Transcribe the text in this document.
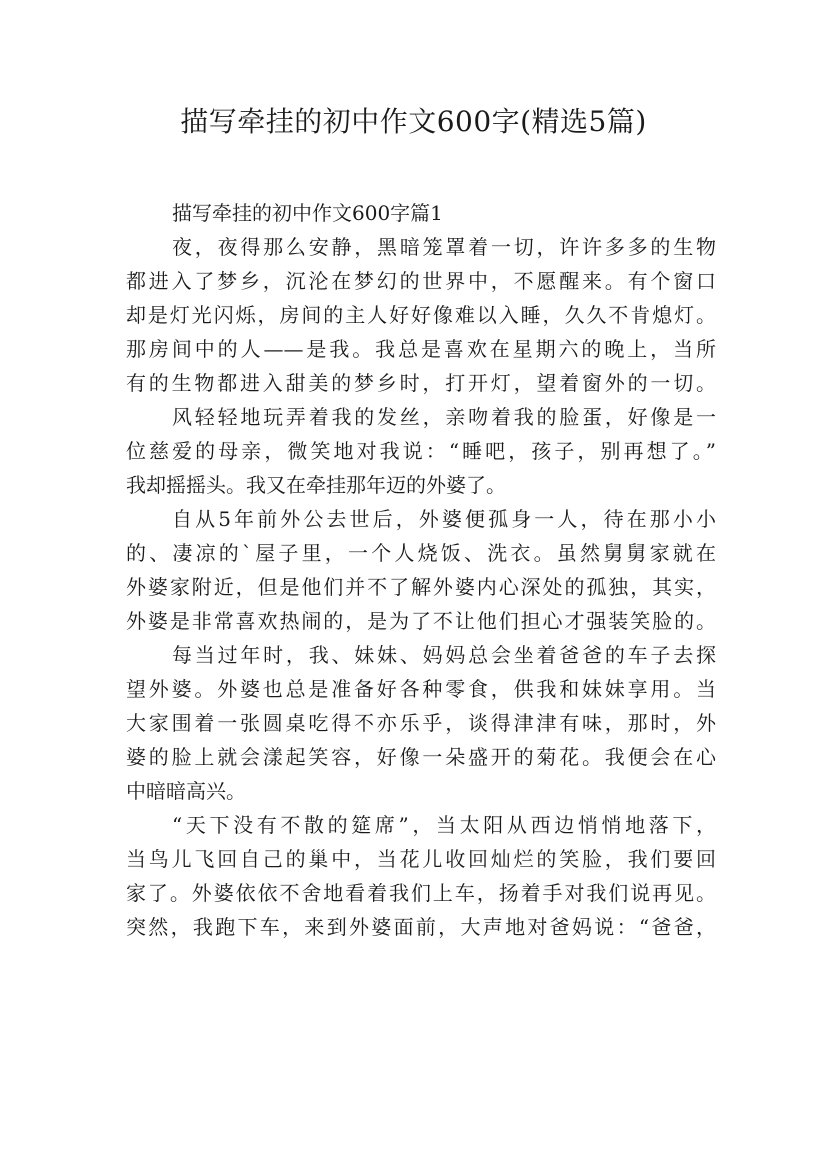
描写牵挂的初中作文600字(精选5篇)
描写牵挂的初中作文600字篇1
夜，夜得那么安静，黑暗笼罩着一切，许许多多的生物
都进入了梦乡，沉沦在梦幻的世界中，不愿醒来。有个窗口
却是灯光闪烁，房间的主人好好像难以入睡，久久不肯熄灯。
那房间中的人——是我。我总是喜欢在星期六的晚上，当所
有的生物都进入甜美的梦乡时，打开灯，望着窗外的一切。
风轻轻地玩弄着我的发丝，亲吻着我的脸蛋，好像是一
位慈爱的母亲，微笑地对我说：“睡吧，孩子，别再想了。”
我却摇摇头。我又在牵挂那年迈的外婆了。
自从5年前外公去世后，外婆便孤身一人，待在那小小
的、凄凉的`屋子里，一个人烧饭、洗衣。虽然舅舅家就在
外婆家附近，但是他们并不了解外婆内心深处的孤独，其实，
外婆是非常喜欢热闹的，是为了不让他们担心才强装笑脸的。
每当过年时，我、妹妹、妈妈总会坐着爸爸的车子去探
望外婆。外婆也总是准备好各种零食，供我和妹妹享用。当
大家围着一张圆桌吃得不亦乐乎，谈得津津有味，那时，外
婆的脸上就会漾起笑容，好像一朵盛开的菊花。我便会在心
中暗暗高兴。
“天下没有不散的筵席”，当太阳从西边悄悄地落下，
当鸟儿飞回自己的巢中，当花儿收回灿烂的笑脸，我们要回
家了。外婆依依不舍地看着我们上车，扬着手对我们说再见。
突然，我跑下车，来到外婆面前，大声地对爸妈说：“爸爸，
